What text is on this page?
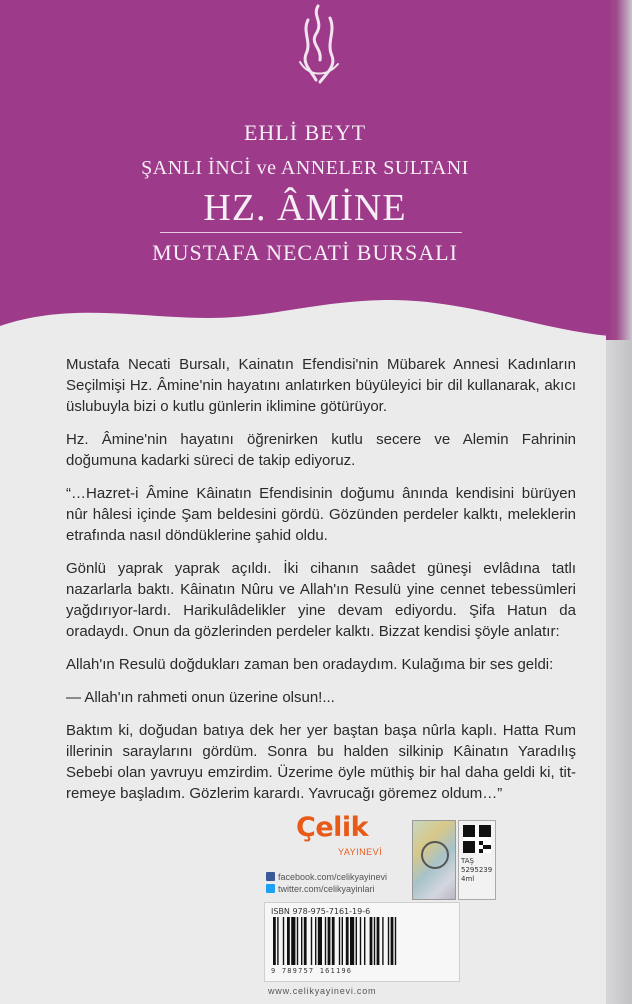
EHLİ BEYT
ŞANLI İNCİ ve ANNELER SULTANI
HZ. ÂMİNE
MUSTAFA NECATİ BURSALI

Mustafa Necati Bursalı, Kainatın Efendisi'nin Mübarek Annesi Kadınların Seçilmişi Hz. Âmine'nin hayatını anlatırken büyüleyici bir dil kullanarak, akıcı üslubuyla bizi o kutlu günlerin iklimine götürüyor.

Hz. Âmine'nin hayatını öğrenirken kutlu secere ve Alemin Fahrinin doğumuna kadarki süreci de takip ediyoruz.

“…Hazret-i Âmine Kâinatın Efendisinin doğumu ânında kendisini bürüyen nûr hâlesi içinde Şam beldesini gördü. Gözünden perdeler kalktı, meleklerin etrafında nasıl döndüklerine şahid oldu.

Gönlü yaprak yaprak açıldı. İki cihanın saâdet güneşi evlâdına tatlı nazarlarla baktı. Kâinatın Nûru ve Allah'ın Resulü yine cennet tebessümleri yağdırıyor-lardı. Harikulâdelikler yine devam ediyordu. Şifa Hatun da oradaydı. Onun da gözlerinden perdeler kalktı. Bizzat kendisi şöyle anlatır:

Allah'ın Resulü doğdukları zaman ben oradaydım. Kulağıma bir ses geldi:

— Allah'ın rahmeti onun üzerine olsun!...

Baktım ki, doğudan batıya dek her yer baştan başa nûrla kaplı. Hatta Rum illerinin saraylarını gördüm. Sonra bu halden silkinip Kâinatın Yaradılış Sebebi olan yavruyu emzirdim. Üzerime öyle müthiş bir hal daha geldi ki, tit-remeye başladım. Gözlerim karardı. Yavrucağı göremez oldum…”

Çelik
YAYINEVİ
TAŞ 5295239 4ml
facebook.com/celikyayinevi
twitter.com/celikyayinlari
ISBN 978-975-7161-19-6
9 789757 161196
www.celikyayinevi.com
